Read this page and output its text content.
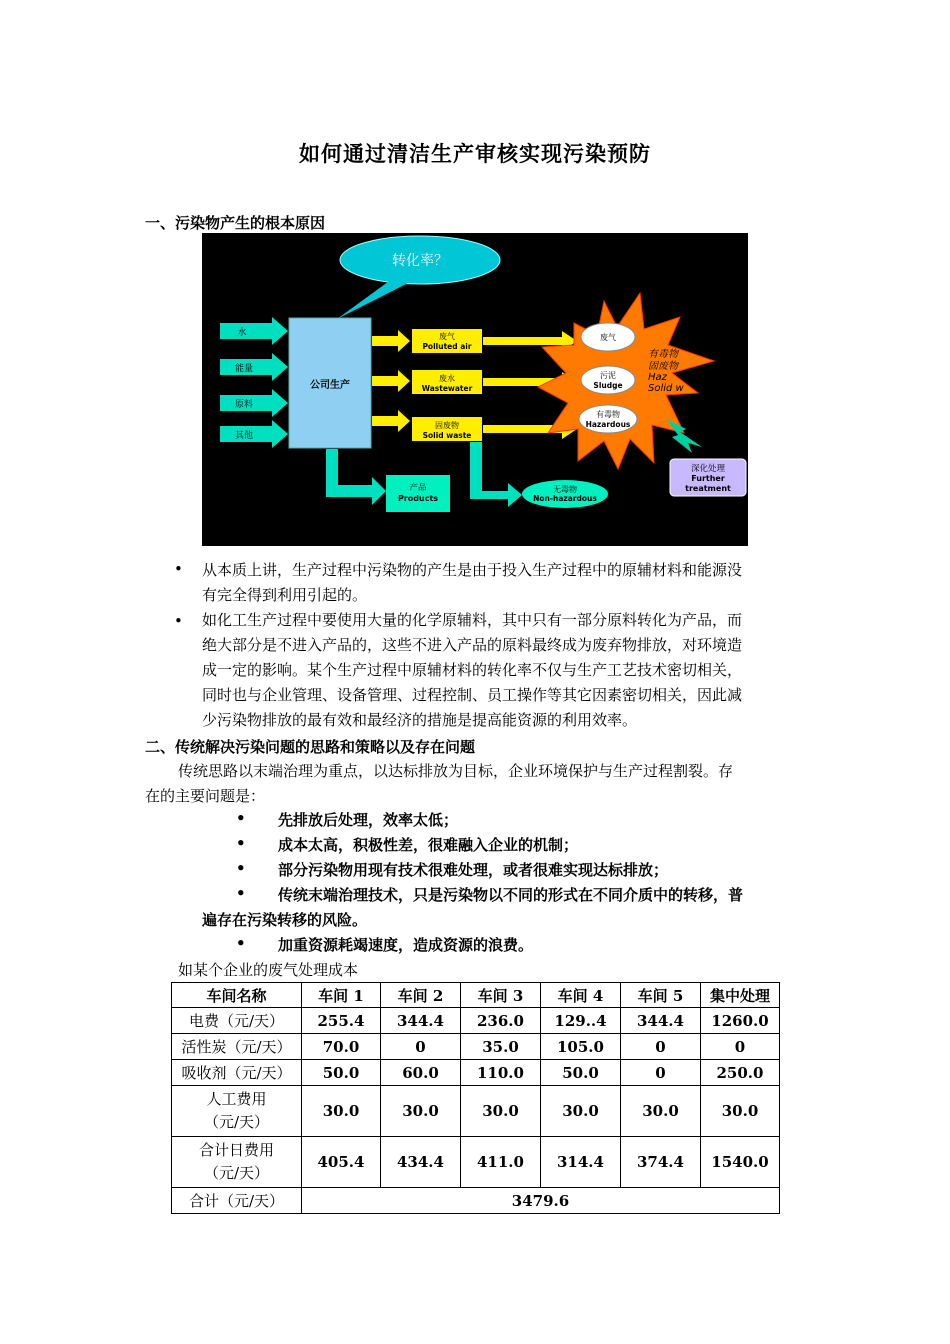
如何通过清洁生产审核实现污染预防
一、污染物产生的根本原因
转化率？
水
能量
原料
其他
公司生产
废气
Polluted air
废水
Wastewater
固废物
Solid waste
废气
污泥
Sludge
有毒物
Hazardous
有毒物
固废物
Haz
Solid w
深化处理
Further
treatment
产品
Products
无毒物
Non-hazardous
• 从本质上讲，生产过程中污染物的产生是由于投入生产过程中的原辅材料和能源没
有完全得到利用引起的。
• 如化工生产过程中要使用大量的化学原辅料，其中只有一部分原料转化为产品，而
绝大部分是不进入产品的，这些不进入产品的原料最终成为废弃物排放，对环境造
成一定的影响。某个生产过程中原辅材料的转化率不仅与生产工艺技术密切相关，
同时也与企业管理、设备管理、过程控制、员工操作等其它因素密切相关，因此减
少污染物排放的最有效和最经济的措施是提高能资源的利用效率。
二、传统解决污染问题的思路和策略以及存在问题
传统思路以末端治理为重点，以达标排放为目标，企业环境保护与生产过程割裂。存
在的主要问题是：
• 先排放后处理，效率太低；
• 成本太高，积极性差，很难融入企业的机制；
• 部分污染物用现有技术很难处理，或者很难实现达标排放；
• 传统末端治理技术，只是污染物以不同的形式在不同介质中的转移，普
遍存在污染转移的风险。
• 加重资源耗竭速度，造成资源的浪费。
如某个企业的废气处理成本
车间名称	车间 1	车间 2	车间 3	车间 4	车间 5	集中处理
电费（元/天）	255.4	344.4	236.0	129..4	344.4	1260.0
活性炭（元/天）	70.0	0	35.0	105.0	0	0
吸收剂（元/天）	50.0	60.0	110.0	50.0	0	250.0

人工费用
（元/天）	30.0	30.0	30.0	30.0	30.0	30.0

合计日费用
（元/天）	405.4	434.4	411.0	314.4	374.4	1540.0
合计（元/天）	3479.6					
